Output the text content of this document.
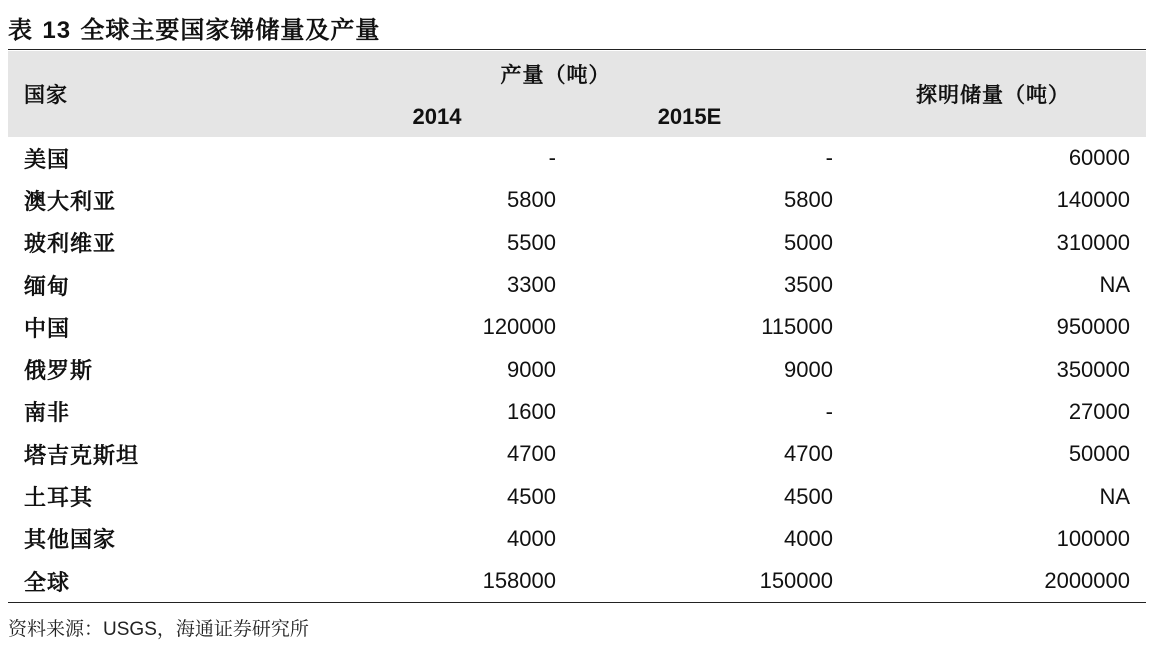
表 13 全球主要国家锑储量及产量
国家	产量（吨）		探明储量（吨）
	2014	2015E	
美国	-	-	60000
澳大利亚	5800	5800	140000
玻利维亚	5500	5000	310000
缅甸	3300	3500	NA
中国	120000	115000	950000
俄罗斯	9000	9000	350000
南非	1600	-	27000
塔吉克斯坦	4700	4700	50000
土耳其	4500	4500	NA
其他国家	4000	4000	100000
全球	158000	150000	2000000
资料来源：USGS，海通证券研究所
